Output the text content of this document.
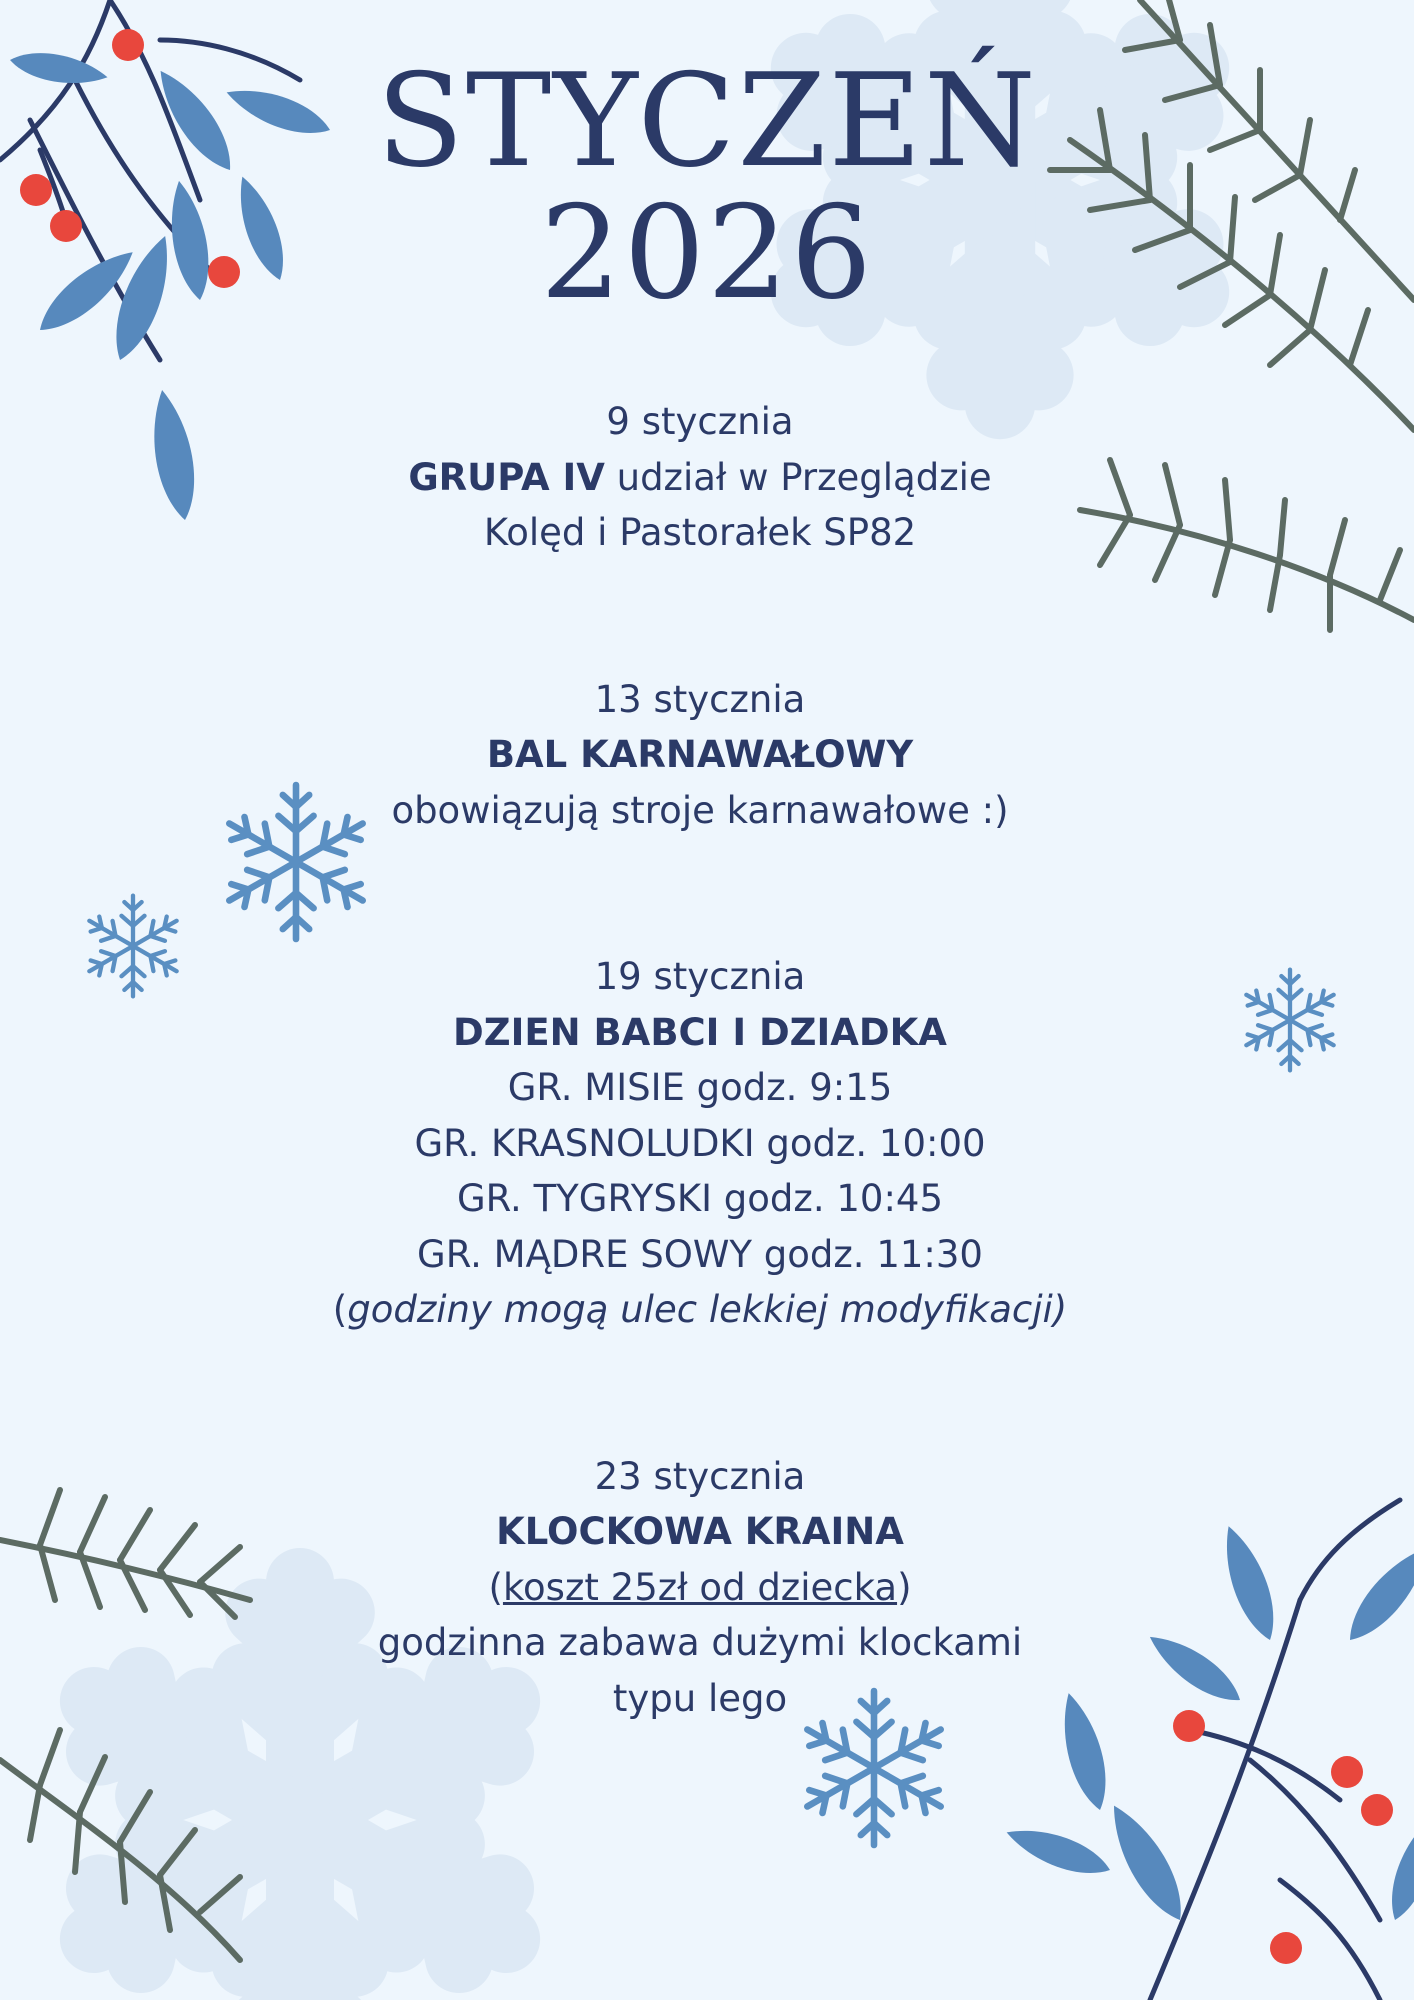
STYCZEŃ
2026
9 stycznia
GRUPA IV udział w Przeglądzie
Kolęd i Pastorałek SP82
13 stycznia
BAL KARNAWAŁOWY
obowiązują stroje karnawałowe :)
19 stycznia
DZIEN BABCI I DZIADKA
GR. MISIE godz. 9:15
GR. KRASNOLUDKI godz. 10:00
GR. TYGRYSKI godz. 10:45
GR. MĄDRE SOWY godz. 11:30
(godziny mogą ulec lekkiej modyfikacji)
23 stycznia
KLOCKOWA KRAINA
(koszt 25zł od dziecka)
godzinna zabawa dużymi klockami
typu lego
